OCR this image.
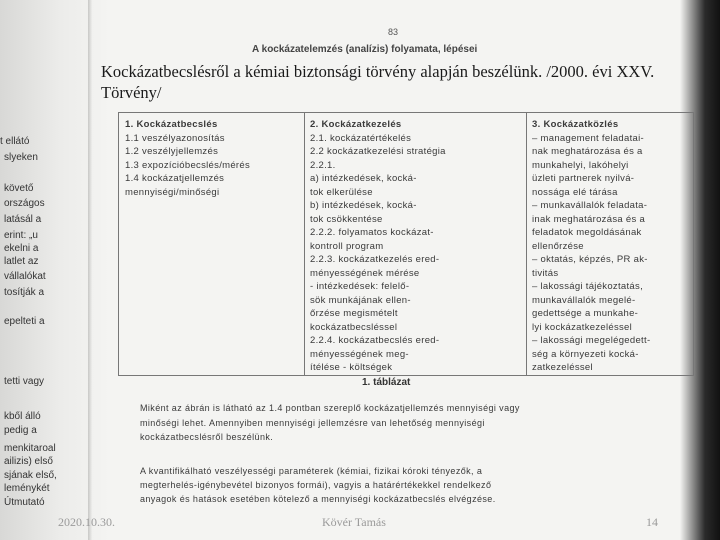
t ellátó
slyeken
követő
országos
latásál a
erint: „u
ekelni a
latlet az
vállalókat
tosítják a
epelteti a
tetti vagy
kből álló
pedig a
menkitaroal
ailizis) első
sjának első,
leménykét
Útmutató
83
A kockázatelemzés (analízis) folyamata, lépései
1. Kockázatbecslés
1.1 veszélyazonosítás
1.2 veszélyjellemzés
1.3 expozícióbecslés/mérés
1.4 kockázatjellemzés
mennyiségi/minőségi
2. Kockázatkezelés
2.1. kockázatértékelés
2.2 kockázatkezelési stratégia
2.2.1.
a) intézkedések, kocká-
tok elkerülése
b) intézkedések, kocká-
tok csökkentése
2.2.2. folyamatos kockázat-
kontroll program
2.2.3. kockázatkezelés ered-
ményességének mérése
- intézkedések: felelő-
sök munkájának ellen-
őrzése megismételt
kockázatbecsléssel
2.2.4. kockázatbecslés ered-
ményességének meg-
ítélése - költségek
3. Kockázatközlés
– management feladatai-
nak meghatározása és a
munkahelyi, lakóhelyi
üzleti partnerek nyilvá-
nossága elé tárása
– munkavállalók feladata-
inak meghatározása és a
feladatok megoldásának
ellenőrzése
– oktatás, képzés, PR ak-
tivitás
– lakossági tájékoztatás,
munkavállalók megelé-
gedettsége a munkahe-
lyi kockázatkezeléssel
– lakossági megelégedett-
ség a környezeti kocká-
zatkezeléssel
1. táblázat
Miként az ábrán is látható az 1.4 pontban szereplő kockázatjellemzés mennyiségi vagy
minőségi lehet. Amennyiben mennyiségi jellemzésre van lehetőség mennyiségi
kockázatbecslésről beszélünk.
A kvantifikálható veszélyességi paraméterek (kémiai, fizikai kóroki tényezők, a
megterhelés-igénybevétel bizonyos formái), vagyis a határértékekkel rendelkező
anyagok és hatások esetében kötelező a mennyiségi kockázatbecslés elvégzése.
Kockázatbecslésről a kémiai biztonsági törvény alapján beszélünk. /2000. évi XXV. Törvény/
2020.10.30.	Kövér Tamás	14
